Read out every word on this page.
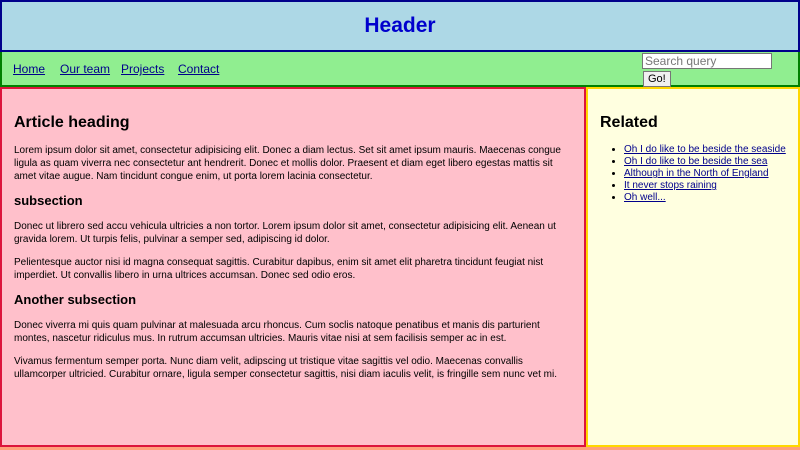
Header
Home Our team Projects Contact
Search queryGo!
Article heading

Lorem ipsum dolor sit amet, consectetur adipisicing elit. Donec a diam lectus. Set sit amet ipsum mauris. Maecenas congue ligula as quam viverra nec consectetur ant hendrerit. Donec et mollis dolor. Praesent et diam eget libero egestas mattis sit amet vitae augue. Nam tincidunt congue enim, ut porta lorem lacinia consectetur.

subsection

Donec ut librero sed accu vehicula ultricies a non tortor. Lorem ipsum dolor sit amet, consectetur adipisicing elit. Aenean ut gravida lorem. Ut turpis felis, pulvinar a semper sed, adipiscing id dolor.

Pelientesque auctor nisi id magna consequat sagittis. Curabitur dapibus, enim sit amet elit pharetra tincidunt feugiat nist imperdiet. Ut convallis libero in urna ultrices accumsan. Donec sed odio eros.

Another subsection

Donec viverra mi quis quam pulvinar at malesuada arcu rhoncus. Cum soclis natoque penatibus et manis dis parturient montes, nascetur ridiculus mus. In rutrum accumsan ultricies. Mauris vitae nisi at sem facilisis semper ac in est.

Vivamus fermentum semper porta. Nunc diam velit, adipscing ut tristique vitae sagittis vel odio. Maecenas convallis ullamcorper ultricied. Curabitur ornare, ligula semper consectetur sagittis, nisi diam iaculis velit, is fringille sem nunc vet mi.

Related
• Oh I do like to be beside the seaside
• Oh I do like to be beside the sea
• Although in the North of England
• It never stops raining
• Oh well...
